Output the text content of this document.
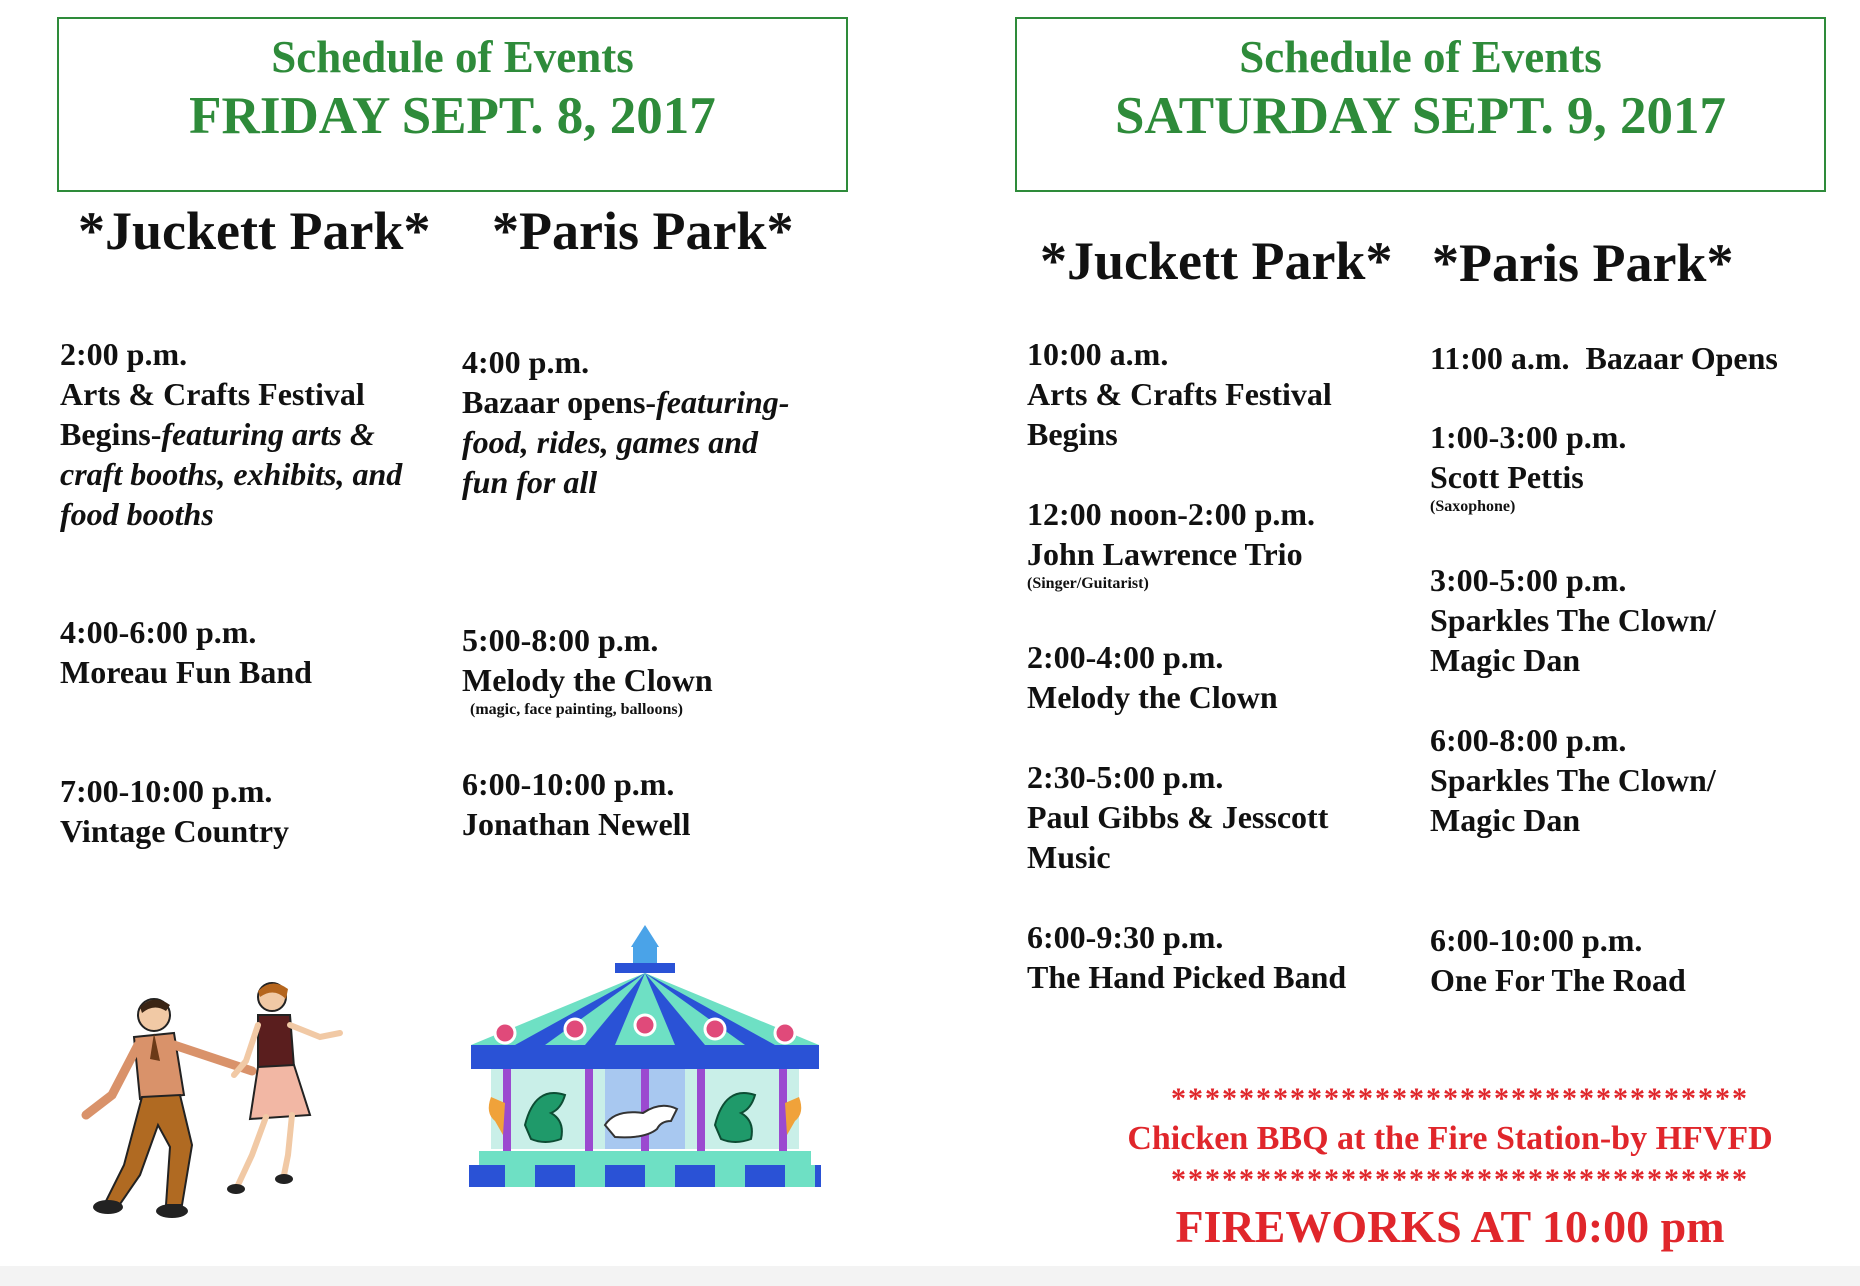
Schedule of Events
FRIDAY SEPT. 8, 2017
Schedule of Events
SATURDAY SEPT. 9, 2017
*Juckett Park* *Paris Park*	*Juckett Park* *Paris Park*
2:00 p.m.
Arts & Crafts Festival
Begins-featuring arts &
craft booths, exhibits, and
food booths
4:00-6:00 p.m.
Moreau Fun Band
7:00-10:00 p.m.
Vintage Country
4:00 p.m.
Bazaar opens-featuring-
food, rides, games and
fun for all
5:00-8:00 p.m.
Melody the Clown
(magic, face painting, balloons)
6:00-10:00 p.m.
Jonathan Newell
10:00 a.m.
Arts & Crafts Festival
Begins
12:00 noon-2:00 p.m.
John Lawrence Trio
(Singer/Guitarist)
2:00-4:00 p.m.
Melody the Clown
2:30-5:00 p.m.
Paul Gibbs & Jesscott
Music
6:00-9:30 p.m.
The Hand Picked Band
11:00 a.m. Bazaar Opens
1:00-3:00 p.m.
Scott Pettis
(Saxophone)
3:00-5:00 p.m.
Sparkles The Clown/
Magic Dan
6:00-8:00 p.m.
Sparkles The Clown/
Magic Dan
6:00-10:00 p.m.
One For The Road
**********************************
Chicken BBQ at the Fire Station-by HFVFD
**********************************
FIREWORKS AT 10:00 pm
